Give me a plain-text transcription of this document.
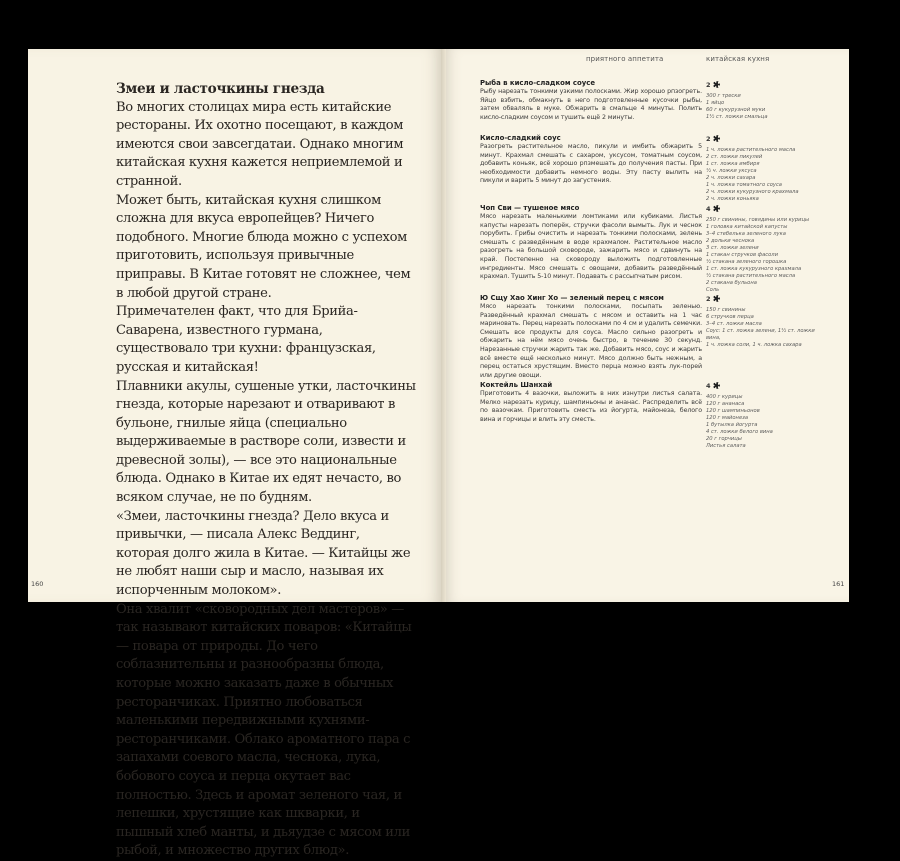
Змеи и ласточкины гнезда

Во многих столицах мира есть китайские рестораны. Их охотно посещают, в каждом имеются свои завсегдатаи. Однако многим китайская кухня кажется неприемлемой и странной.

Может быть, китайская кухня слишком сложна для вкуса европейцев? Ничего подобного. Многие блюда можно с успехом приготовить, используя привычные приправы. В Китае готовят не сложнее, чем в любой другой стране.

Примечателен факт, что для Брийа-Саварена, известного гурмана, существовало три кухни: французская, русская и китайская!

Плавники акулы, сушеные утки, ласточкины гнезда, которые нарезают и отваривают в бульоне, гнилые яйца (специально выдерживаемые в растворе соли, извести и древесной золы), — все это национальные блюда. Однако в Китае их едят нечасто, во всяком случае, не по будням.

«Змеи, ласточкины гнезда? Дело вкуса и привычки, — писала Алекс Веддинг, которая долго жила в Китае. — Китайцы же не любят наши сыр и масло, называя их испорченным молоком».

Она хвалит «сковородных дел мастеров» — так называют китайских поваров: «Китайцы — повара от природы. До чего соблазнительны и разнообразны блюда, которые можно заказать даже в обычных ресторанчиках. Приятно любоваться маленькими передвижными кухнями-ресторанчиками. Облако ароматного пара с запахами соевого масла, чеснока, лука, бобового соуса и перца окутает вас полностью. Здесь и аромат зеленого чая, и лепешки, хрустящие как шкварки, и пышный хлеб манты, и дьяудзе с мясом или рыбой, и множество других блюд».

160
приятного аппетита	китайская кухня
Рыба в кисло-сладком соусе

Рыбу нарезать тонкими узкими полосками. Жир хорошо рпзогреть. Яйцо взбить, обмакнуть в него подготовленные кусочки рыбы, затем обваляль в муке. Обжарить в смальце 4 минуты. Полить кисло-сладким соусом и тушить ещё 2 минуты.

2
300 г трески
1 яйцо
60 г кукурузной муки
1½ ст. ложки смальца
Кисло-сладкий соус

Разогреть растительное масло, пикули и имбить обжарить 5 минут. Крахмал смешать с сахаром, уксусом, томатным соусом, добавить коньяк, всё хорошо рпзмешать до получения пасты. При необходимости добавить немного воды. Эту пасту вылить на пикули и варить 5 минут до загустения.

2
1 ч. ложка растительного масла
2 ст. ложки пикулей
1 ст. ложка имбиря
½ ч. ложки уксуса
2 ч. ложки сахара
1 ч. ложка томатного соуса
2 ч. ложки кукурузного крахмала
2 ч. ложки коньяка
Чоп Сви — тушеное мясо

Мясо нарезать маленькими ломтиками или кубиками. Листья капусты нарезать поперёк, стручки фасоли вымыть. Лук и чеснок порубить. Грибы очистить и нарезать тонкими полосками, зелень смешать с разведённым в воде крахмалом. Растительное масло разогреть на большой сковороде, зажарить мясо и сдвинуть на край. Постепенно на сковороду выложить подготовленные ингредиенты. Мясо смешать с овощами, добавить разведённый крахмал. Тушить 5-10 минут. Подавать с рассыпчатым рисом.

4
250 г свинины, говядины или курицы
1 головка китайской капусты
3–4 стебелька зеленого лука
2 дольки чеснока
3 ст. ложки зелени
1 стакан стручков фасоли
½ стакана зеленого горошка
1 ст. ложка кукурузного крахмала
½ стакана растительного масла
2 стакана бульона
Соль
Ю Сщу Хао Хинг Хо — зеленый перец с мясом

Мясо нарезать тонкими полосками, посыпать зеленью. Разведённый крахмал смешать с мясом и оставить на 1 час мариновать. Перец нарезать полосками по 4 см и удалить семечки. Смешать все продукты для соуса. Масло сильно разогреть и обжарить на нём мясо очень быстро, в течение 30 секунд. Нарезанные стручки жарить так же. Добавить мясо, соус и жарить всё вместе ещё несколько минут. Мясо должно быть нежным, а перец остаться хрустящим. Вместо перца можно взять лук-порей или другие овощи.

2
150 г свинины
6 стручков перца
3–4 ст. ложки масла
Соус: 1 ст. ложка зелени, 1½ ст. ложки вина,
1 ч. ложка соли, 1 ч. ложка сахара
Коктейль Шанхай

Приготовить 4 вазочки, выложить в них изнутри листья салата. Мелко нарезать курицу, шампиньоны и ананас. Распределить всё по вазочкам. Приготовить сместь из йогурта, майонеза, белого вина и горчицы и влить эту сместь.

4
400 г курицы
120 г ананаса
120 г шампиньонов
120 г майонеза
1 бутылка йогурта
4 ст. ложки белого вина
20 г горчицы
Листья салата
161
